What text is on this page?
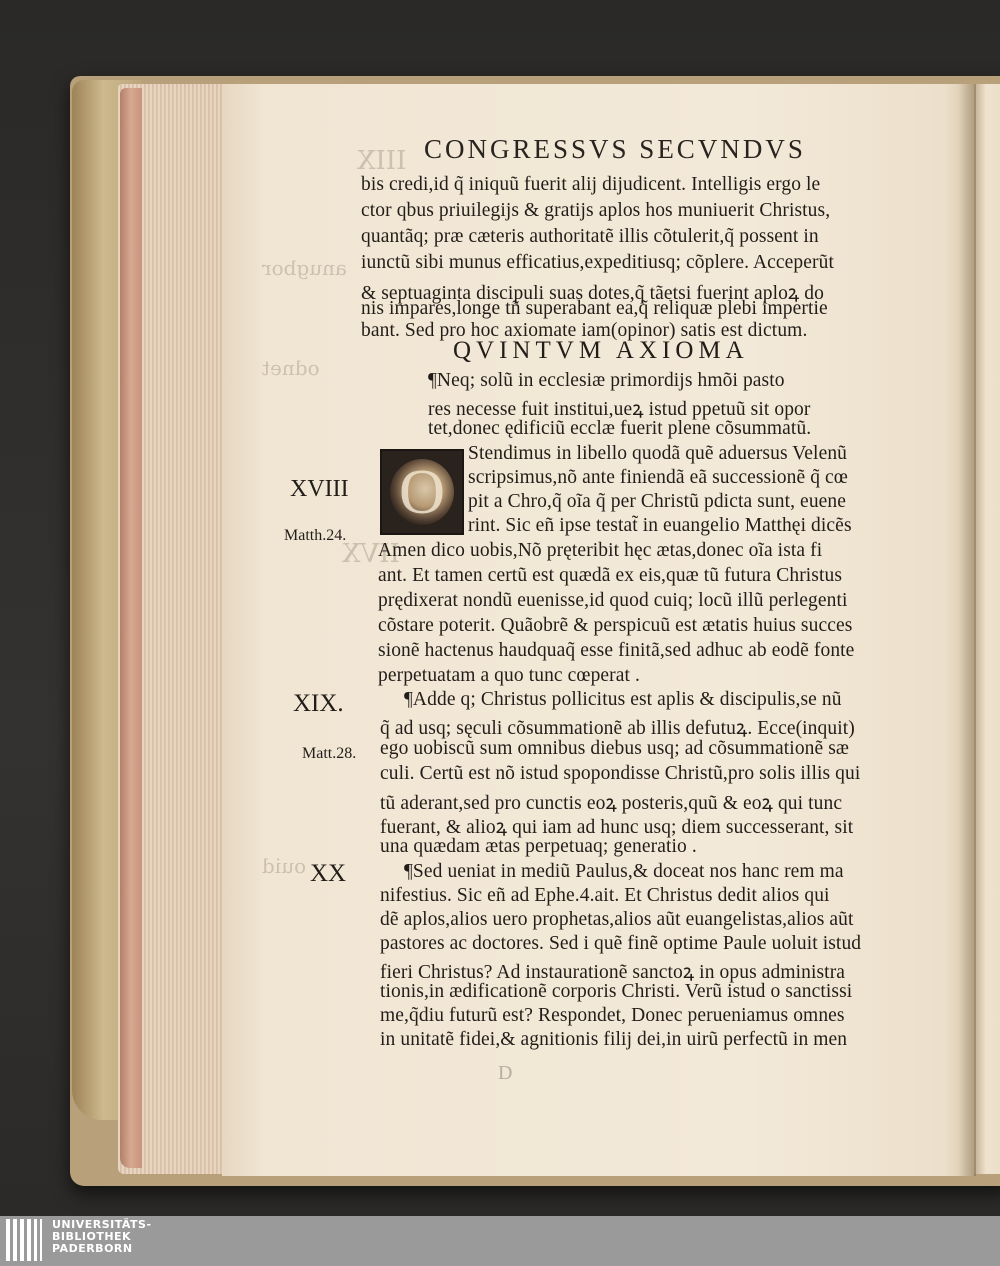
IIIX
anugbor
odnet
IIVX
ouid
CONGRESSVS SECVNDVS
bis credi,id q̃ iniquũ fuerit alij dijudicent. Intelligis ergo le
ctor qbus priuilegijs & gratijs aplos hos muniuerit Christus,
quantãq; præ cæteris authoritatẽ illis cõtulerit,q̃ possent in
iunctũ sibi munus efficatius,expeditiusq; cõplere. Acceperũt
& septuaginta discipuli suas dotes,q̃ tãetsi fuerint aploꝝ do
nis impares,longe tñ superabant ea,q̃ reliquæ plebi impertie
bant. Sed pro hoc axiomate iam(opinor) satis est dictum.
QVINTVM AXIOMA
¶Neq; solũ in ecclesiæ primordijs hmõi pasto
res necesse fuit institui,ueꝝ istud ppetuũ sit opor
tet,donec ędificiũ ecclæ fuerit plene cõsummatũ.
O
Stendimus in libello quodã quẽ aduersus Velenũ
scripsimus,nõ ante finiendã eã successionẽ q̃ cœ
pit a Chro,q̃ oĩa q̃ per Christũ pdicta sunt, euene
rint. Sic eñ ipse testat̃ in euangelio Matthęi dicẽs
Amen dico uobis,Nõ pręteribit hęc ætas,donec oĩa ista fi
ant. Et tamen certũ est quædã ex eis,quæ tũ futura Christus
prędixerat nondũ euenisse,id quod cuiq; locũ illũ perlegenti
cõstare poterit. Quãobrẽ & perspicuũ est ætatis huius succes
sionẽ hactenus haudquaq̃ esse finitã,sed adhuc ab eodẽ fonte
perpetuatam a quo tunc cœperat .
¶Adde q; Christus pollicitus est aplis & discipulis,se nũ
q̃ ad usq; sęculi cõsummationẽ ab illis defutuꝝ. Ecce(inquit)
ego uobiscũ sum omnibus diebus usq; ad cõsummationẽ sæ
culi. Certũ est nõ istud spopondisse Christũ,pro solis illis qui
tũ aderant,sed pro cunctis eoꝝ posteris,quũ & eoꝝ qui tunc
fuerant, & alioꝝ qui iam ad hunc usq; diem successerant, sit
una quædam ætas perpetuaq; generatio .
¶Sed ueniat in mediũ Paulus,& doceat nos hanc rem ma
nifestius. Sic eñ ad Ephe.4.ait. Et Christus dedit alios qui
dẽ aplos,alios uero prophetas,alios aũt euangelistas,alios aũt
pastores ac doctores. Sed i quẽ finẽ optime Paule uoluit istud
fieri Christus? Ad instaurationẽ sanctoꝝ in opus administra
tionis,in ædificationẽ corporis Christi. Verũ istud o sanctissi
me,q̃diu futurũ est? Respondet, Donec perueniamus omnes
in unitatẽ fidei,& agnitionis filij dei,in uirũ perfectũ in men
XVIII
Matth.24.
XIX.
Matt.28.
XX
D
UNIVERSITÄTS-
BIBLIOTHEK
PADERBORN
